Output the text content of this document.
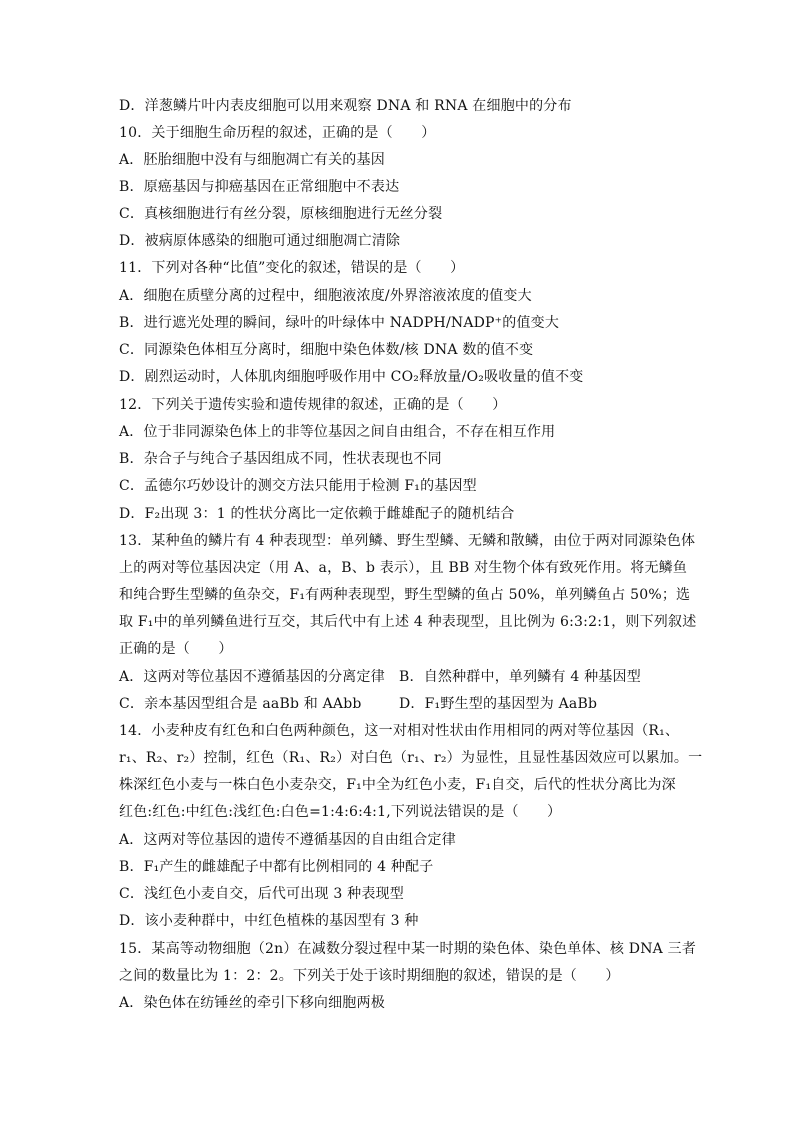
D．洋葱鳞片叶内表皮细胞可以用来观察 DNA 和 RNA 在细胞中的分布
10．关于细胞生命历程的叙述，正确的是（　　）
A．胚胎细胞中没有与细胞凋亡有关的基因
B．原癌基因与抑癌基因在正常细胞中不表达
C．真核细胞进行有丝分裂，原核细胞进行无丝分裂
D．被病原体感染的细胞可通过细胞凋亡清除
11．下列对各种“比值”变化的叙述，错误的是（　　）
A．细胞在质壁分离的过程中，细胞液浓度/外界溶液浓度的值变大
B．进行遮光处理的瞬间，绿叶的叶绿体中 NADPH/NADP⁺的值变大
C．同源染色体相互分离时，细胞中染色体数/核 DNA 数的值不变
D．剧烈运动时，人体肌肉细胞呼吸作用中 CO₂释放量/O₂吸收量的值不变
12．下列关于遗传实验和遗传规律的叙述，正确的是（　　）
A．位于非同源染色体上的非等位基因之间自由组合，不存在相互作用
B．杂合子与纯合子基因组成不同，性状表现也不同
C．孟德尔巧妙设计的测交方法只能用于检测 F₁的基因型
D．F₂出现 3：1 的性状分离比一定依赖于雌雄配子的随机结合
13．某种鱼的鳞片有 4 种表现型：单列鳞、野生型鳞、无鳞和散鳞，由位于两对同源染色体
上的两对等位基因决定（用 A、a，B、b 表示），且 BB 对生物个体有致死作用。将无鳞鱼
和纯合野生型鳞的鱼杂交，F₁有两种表现型，野生型鳞的鱼占 50%，单列鳞鱼占 50%；选
取 F₁中的单列鳞鱼进行互交，其后代中有上述 4 种表现型，且比例为 6:3:2:1，则下列叙述
正确的是（　　）
A．这两对等位基因不遵循基因的分离定律	B．自然种群中，单列鳞有 4 种基因型
C．亲本基因型组合是 aaBb 和 AAbb	D．F₁野生型的基因型为 AaBb
14．小麦种皮有红色和白色两种颜色，这一对相对性状由作用相同的两对等位基因（R₁、
r₁、R₂、r₂）控制，红色（R₁、R₂）对白色（r₁、r₂）为显性，且显性基因效应可以累加。一
株深红色小麦与一株白色小麦杂交，F₁中全为红色小麦，F₁自交，后代的性状分离比为深
红色:红色:中红色:浅红色:白色=1:4:6:4:1,下列说法错误的是（　　）
A．这两对等位基因的遗传不遵循基因的自由组合定律
B．F₁产生的雌雄配子中都有比例相同的 4 种配子
C．浅红色小麦自交，后代可出现 3 种表现型
D．该小麦种群中，中红色植株的基因型有 3 种
15．某高等动物细胞（2n）在减数分裂过程中某一时期的染色体、染色单体、核 DNA 三者
之间的数量比为 1：2：2。下列关于处于该时期细胞的叙述，错误的是（　　）
A．染色体在纺锤丝的牵引下移向细胞两极
